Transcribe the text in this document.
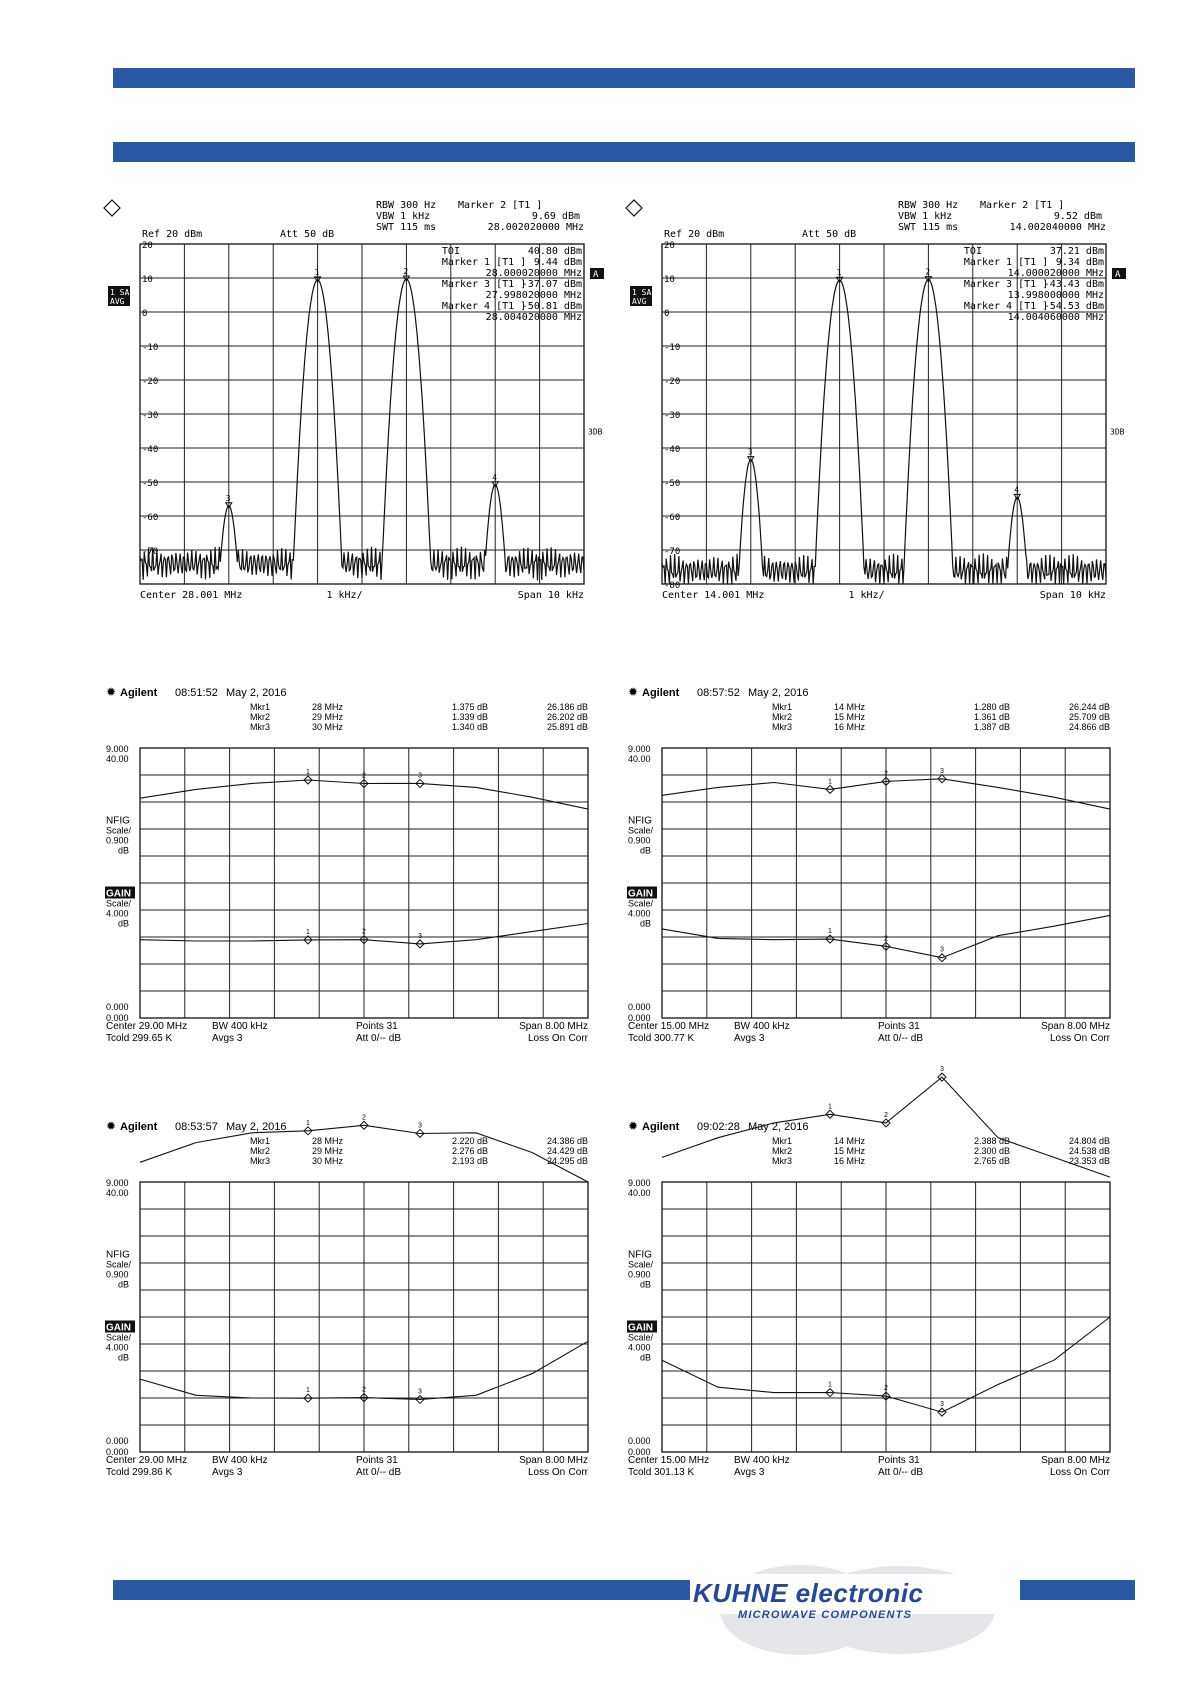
RBW 300 Hz
VBW 1 kHz
SWT 115 ms
Marker 2 [T1 ]
9.69 dBm
28.002020000 MHz
Ref 20 dBm	Att 50 dB
20
10
0
-10
-20
-30
-40
-50
-60
-70
TOI	40.80 dBm
Marker 1 [T1 ] 9.44 dBm
28.000020000 MHz
Marker 3 [T1 ]
-37.07 dBm
27.998020000 MHz
Marker 4 [T1 ]
-50.81 dBm
28.004020000 MHz
1 SA
AVG
A
3DB
3
1	2
4
Center 28.001 MHz	1 kHz/	Span 10 kHz
RBW 300 Hz
VBW 1 kHz
SWT 115 ms
Marker 2 [T1 ]
9.52 dBm
14.002040000 MHz
Ref 20 dBm	Att 50 dB
20
10
0
-10
-20
-30
-40
-50
-60
-70
-80
TOI	37.21 dBm
Marker 1 [T1 ] 9.34 dBm
14.000020000 MHz
Marker 3 [T1 ]
-43.43 dBm
13.998000000 MHz
Marker 4 [T1 ]
-54.53 dBm
14.004060000 MHz
1 SA
AVG
A
3DB
3
1	2
4
Center 14.001 MHz	1 kHz/	Span 10 kHz
✹ Agilent 08:51:52 May 2, 2016
Mkr1	28 MHz	1.375 dB	26.186 dB
Mkr2	29 MHz	1.339 dB	26.202 dB
Mkr3	30 MHz	1.340 dB	25.891 dB
9.000
40.00
NFIG
Scale/
0.900
dB
GAIN
Scale/
4.000
dB
0.000
0.000
1
1
2
2
3
3
Center 29.00 MHz BW 400 kHz	Points 31	Span 8.00 MHz
Tcold 299.65 K	Avgs 3	Att 0/-- dB	Loss On Corr
✹ Agilent 08:57:52 May 2, 2016
Mkr1	14 MHz	1.280 dB	26.244 dB
Mkr2	15 MHz	1.361 dB	25.709 dB
Mkr3	16 MHz	1.387 dB	24.866 dB
9.000
40.00
NFIG
Scale/
0.900
dB
GAIN
Scale/
4.000
dB
0.000
0.000
1
1
2
2
3
3
Center 15.00 MHz BW 400 kHz	Points 31	Span 8.00 MHz
Tcold 300.77 K	Avgs 3	Att 0/-- dB	Loss On Corr
✹ Agilent 08:53:57 May 2, 2016
Mkr1	28 MHz	2.220 dB	24.386 dB
Mkr2	29 MHz	2.276 dB	24.429 dB
Mkr3	30 MHz	2.193 dB	24.295 dB
9.000
40.00
NFIG
Scale/
0.900
dB
GAIN
Scale/
4.000
dB
0.000
0.000
1
1
2
2
3
3
Center 29.00 MHz BW 400 kHz	Points 31	Span 8.00 MHz
Tcold 299.86 K	Avgs 3	Att 0/-- dB	Loss On Corr
✹ Agilent 09:02:28 May 2, 2016
Mkr1	14 MHz	2.388 dB	24.804 dB
Mkr2	15 MHz	2.300 dB	24.538 dB
Mkr3	16 MHz	2.765 dB	23.353 dB
9.000
40.00
NFIG
Scale/
0.900
dB
GAIN
Scale/
4.000
dB
0.000
0.000
1
1
2
2
3
3
Center 15.00 MHz BW 400 kHz	Points 31	Span 8.00 MHz
Tcold 301.13 K	Avgs 3	Att 0/-- dB	Loss On Corr
KUHNE electronic
MICROWAVE COMPONENTS
